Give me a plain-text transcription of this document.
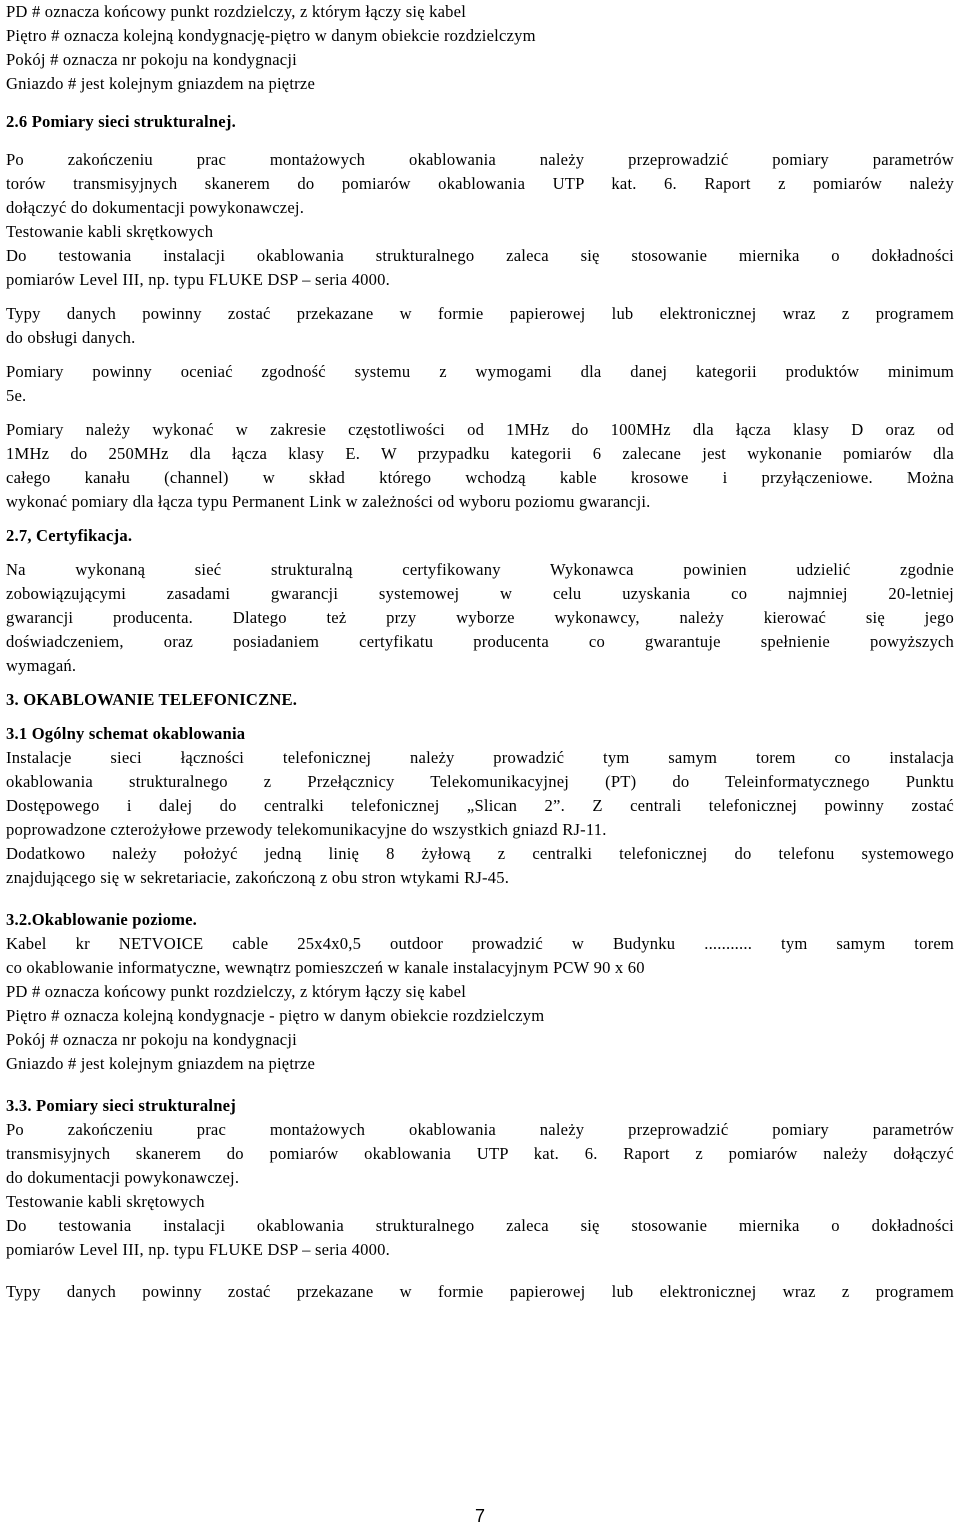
PD # oznacza końcowy punkt rozdzielczy, z którym łączy się kabel
Piętro # oznacza kolejną kondygnację-piętro w danym obiekcie rozdzielczym
Pokój # oznacza nr pokoju na kondygnacji
Gniazdo # jest kolejnym gniazdem na piętrze
2.6 Pomiary sieci strukturalnej.
Po zakończeniu prac montażowych okablowania należy przeprowadzić pomiary parametrów
torów transmisyjnych skanerem do pomiarów okablowania UTP kat. 6. Raport z pomiarów należy
dołączyć do dokumentacji powykonawczej.
Testowanie kabli skrętkowych
Do testowania instalacji okablowania strukturalnego zaleca się stosowanie miernika o dokładności
pomiarów Level III, np. typu FLUKE DSP – seria 4000.
Typy danych powinny zostać przekazane w formie papierowej lub elektronicznej wraz z programem
do obsługi danych.
Pomiary powinny oceniać zgodność systemu z wymogami dla danej kategorii produktów minimum
5e.
Pomiary należy wykonać w zakresie częstotliwości od 1MHz do 100MHz dla łącza klasy D oraz od
1MHz do 250MHz dla łącza klasy E. W przypadku kategorii 6 zalecane jest wykonanie pomiarów dla
całego kanału (channel) w skład którego wchodzą kable krosowe i przyłączeniowe. Można
wykonać pomiary dla łącza typu Permanent Link w zależności od wyboru poziomu gwarancji.
2.7, Certyfikacja.
Na wykonaną sieć strukturalną certyfikowany Wykonawca powinien udzielić zgodnie
zobowiązującymi zasadami gwarancji systemowej w celu uzyskania co najmniej 20-letniej
gwarancji producenta. Dlatego też przy wyborze wykonawcy, należy kierować się jego
doświadczeniem, oraz posiadaniem certyfikatu producenta co gwarantuje spełnienie powyższych
wymagań.
3. OKABLOWANIE TELEFONICZNE.
3.1 Ogólny schemat okablowania
Instalacje sieci łączności telefonicznej należy prowadzić tym samym torem co instalacja
okablowania strukturalnego z Przełącznicy Telekomunikacyjnej (PT) do Teleinformatycznego Punktu
Dostępowego i dalej do centralki telefonicznej „Slican 2”. Z centrali telefonicznej powinny zostać
poprowadzone czterożyłowe przewody telekomunikacyjne do wszystkich gniazd RJ-11.
Dodatkowo należy położyć jedną linię 8 żyłową z centralki telefonicznej do telefonu systemowego
znajdującego się w sekretariacie, zakończoną z obu stron wtykami RJ-45.
3.2.Okablowanie poziome.
Kabel kr NETVOICE cable 25x4x0,5 outdoor prowadzić w Budynku ........... tym samym torem
co okablowanie informatyczne, wewnątrz pomieszczeń w kanale instalacyjnym PCW 90 x 60
PD # oznacza końcowy punkt rozdzielczy, z którym łączy się kabel
Piętro # oznacza kolejną kondygnacje - piętro w danym obiekcie rozdzielczym
Pokój # oznacza nr pokoju na kondygnacji
Gniazdo # jest kolejnym gniazdem na piętrze
3.3. Pomiary sieci strukturalnej
Po zakończeniu prac montażowych okablowania należy przeprowadzić pomiary parametrów
transmisyjnych skanerem do pomiarów okablowania UTP kat. 6. Raport z pomiarów należy dołączyć
do dokumentacji powykonawczej.
Testowanie kabli skrętowych
Do testowania instalacji okablowania strukturalnego zaleca się stosowanie miernika o dokładności
pomiarów Level III, np. typu FLUKE DSP – seria 4000.
Typy danych powinny zostać przekazane w formie papierowej lub elektronicznej wraz z programem
7
